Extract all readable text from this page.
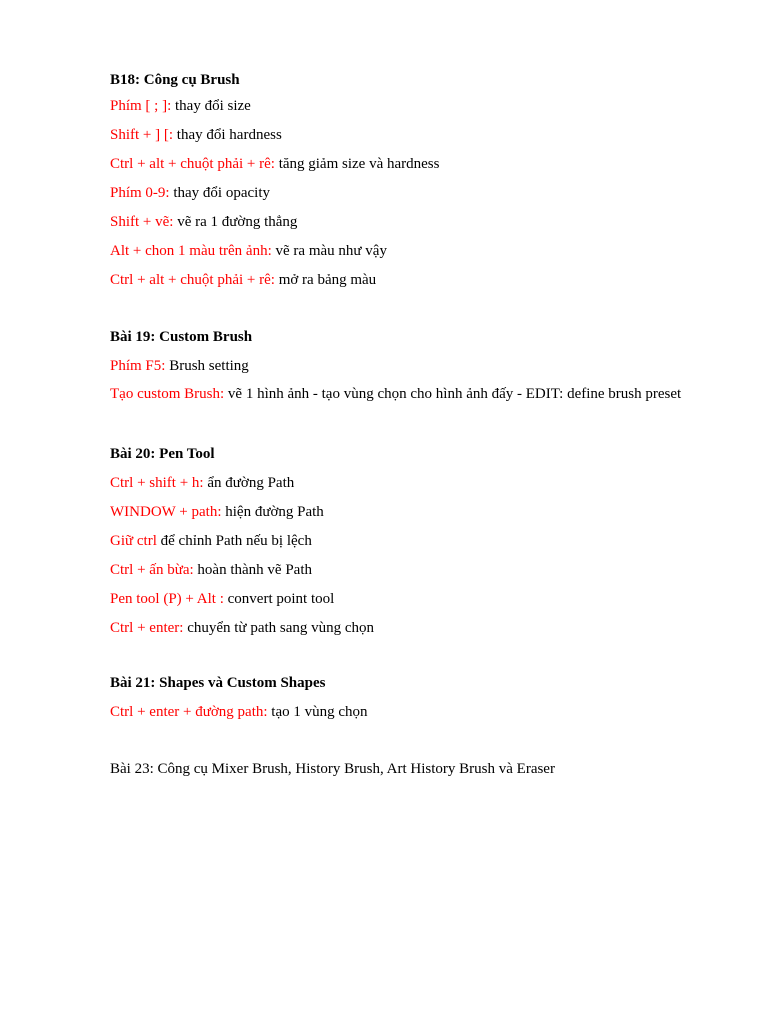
B18: Công cụ Brush

Phím [ ; ]: thay đổi size

Shift + ] [: thay đổi hardness

Ctrl + alt + chuột phải + rê: tăng giảm size và hardness

Phím 0-9: thay đổi opacity

Shift + vẽ: vẽ ra 1 đường thẳng

Alt + chon 1 màu trên ảnh: vẽ ra màu như vậy

Ctrl + alt + chuột phải + rê: mở ra bảng màu

Bài 19: Custom Brush

Phím F5: Brush setting

Tạo custom Brush: vẽ 1 hình ảnh - tạo vùng chọn cho hình ảnh đấy - EDIT: define brush preset

Bài 20: Pen Tool

Ctrl + shift + h: ẩn đường Path

WINDOW + path: hiện đường Path

Giữ ctrl để chỉnh Path nếu bị lệch

Ctrl + ấn bừa: hoàn thành vẽ Path

Pen tool (P) + Alt : convert point tool

Ctrl + enter: chuyển từ path sang vùng chọn

Bài 21: Shapes và Custom Shapes

Ctrl + enter + đường path: tạo 1 vùng chọn

Bài 23: Công cụ Mixer Brush, History Brush, Art History Brush và Eraser
